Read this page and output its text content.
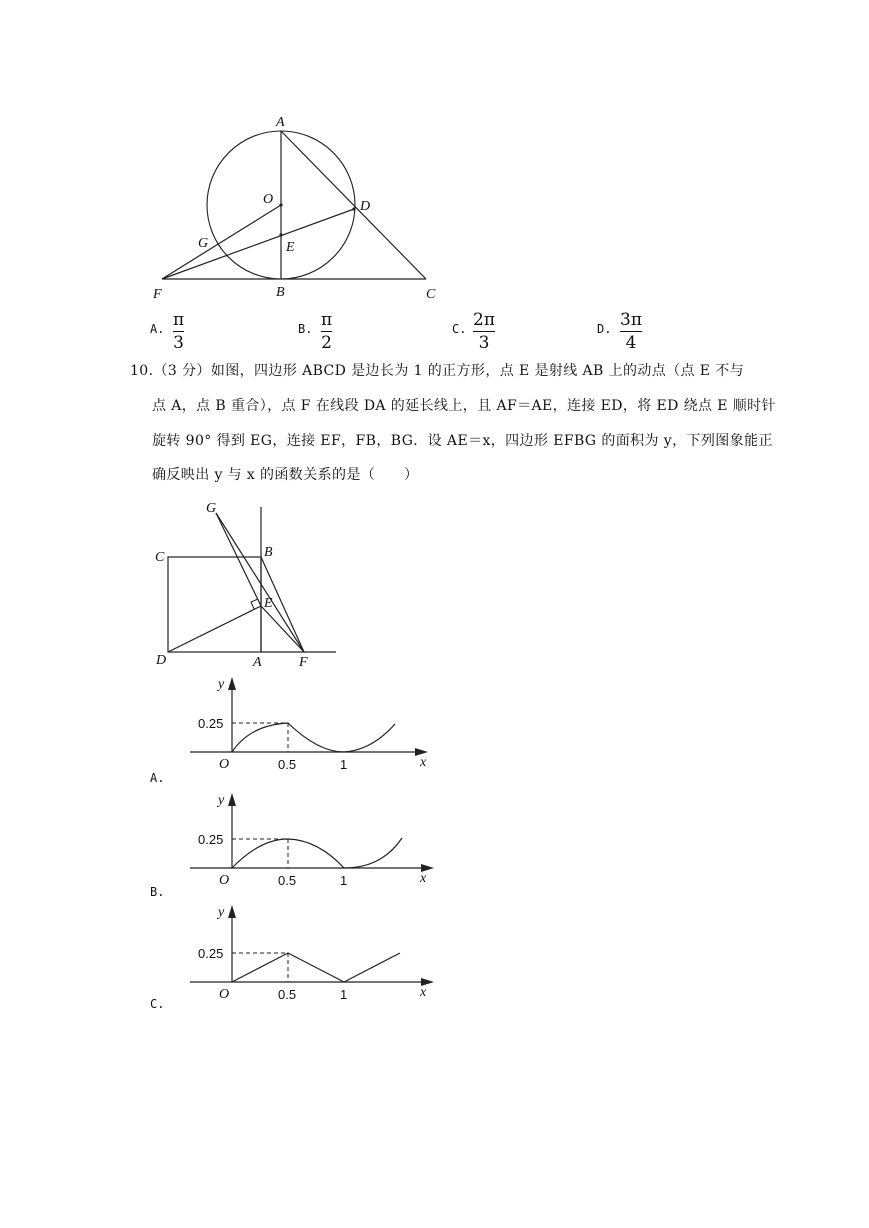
A
O	D
G	E
F	B	C
A. π
3
B. π
2
C. 2π
3
D. 3π
4
10.（3 分）如图，四边形 ABCD 是边长为 1 的正方形，点 E 是射线 AB 上的动点（点 E 不与
点 A，点 B 重合），点 F 在线段 DA 的延长线上，且 AF＝AE，连接 ED，将 ED 绕点 E 顺时针
旋转 90° 得到 EG，连接 EF，FB，BG．设 AE＝x，四边形 EFBG 的面积为 y，下列图象能正
确反映出 y 与 x 的函数关系的是（　　）
G
C	B
E
D	A	F
y
x
O
0.25
0.5	1
A.
y
x
O
0.25
0.5	1
B.
y
x
O
0.25
0.5	1
C.
